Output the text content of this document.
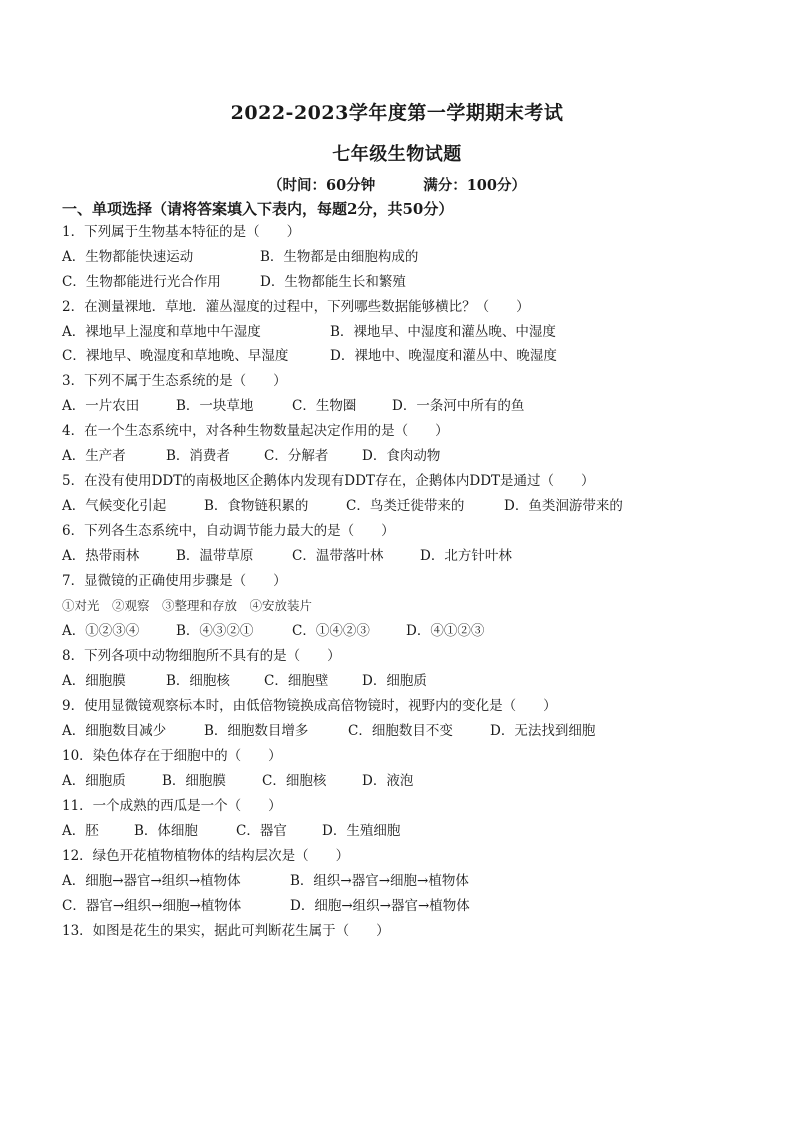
2022-2023学年度第一学期期末考试
七年级生物试题
（时间：60分钟	满分：100分）
一、单项选择（请将答案填入下表内，每题2分，共50分）
1．下列属于生物基本特征的是（　　）
A．生物都能快速运动	B．生物都是由细胞构成的
C．生物都能进行光合作用	D．生物都能生长和繁殖
2．在测量裸地．草地．灌丛湿度的过程中，下列哪些数据能够横比？（　　）
A．裸地早上湿度和草地中午湿度	B．裸地早、中湿度和灌丛晚、中湿度
C．裸地早、晚湿度和草地晚、早湿度	D．裸地中、晚湿度和灌丛中、晚湿度
3．下列不属于生态系统的是（　　）
A．一片农田	B．一块草地	C．生物圈	D．一条河中所有的鱼
4．在一个生态系统中，对各种生物数量起决定作用的是（　　）
A．生产者	B．消费者	C．分解者 D．食肉动物
5．在没有使用DDT的南极地区企鹅体内发现有DDT存在，企鹅体内DDT是通过（　　）
A．气候变化引起	B．食物链积累的	C．鸟类迁徙带来的	D．鱼类洄游带来的
6．下列各生态系统中，自动调节能力最大的是（　　）
A．热带雨林	B．温带草原	C．温带落叶林	D．北方针叶林
7．显微镜的正确使用步骤是（　　）
①对光　②观察　③整理和存放　④安放装片
A．①②③④	B．④③②①	C．①④②③	D．④①②③
8．下列各项中动物细胞所不具有的是（　　）
A．细胞膜	B．细胞核	C．细胞壁 D．细胞质
9．使用显微镜观察标本时，由低倍物镜换成高倍物镜时，视野内的变化是（　　）
A．细胞数目减少	B．细胞数目增多	C．细胞数目不变	D．无法找到细胞
10．染色体存在于细胞中的（　　）
A．细胞质	B．细胞膜	C．细胞核	D．液泡
11．一个成熟的西瓜是一个（　　）
A．胚	B．体细胞	C．器官	D．生殖细胞
12．绿色开花植物植物体的结构层次是（　　）
A．细胞→器官→组织→植物体	B．组织→器官→细胞→植物体
C．器官→组织→细胞→植物体	D．细胞→组织→器官→植物体
13．如图是花生的果实，据此可判断花生属于（　　）
